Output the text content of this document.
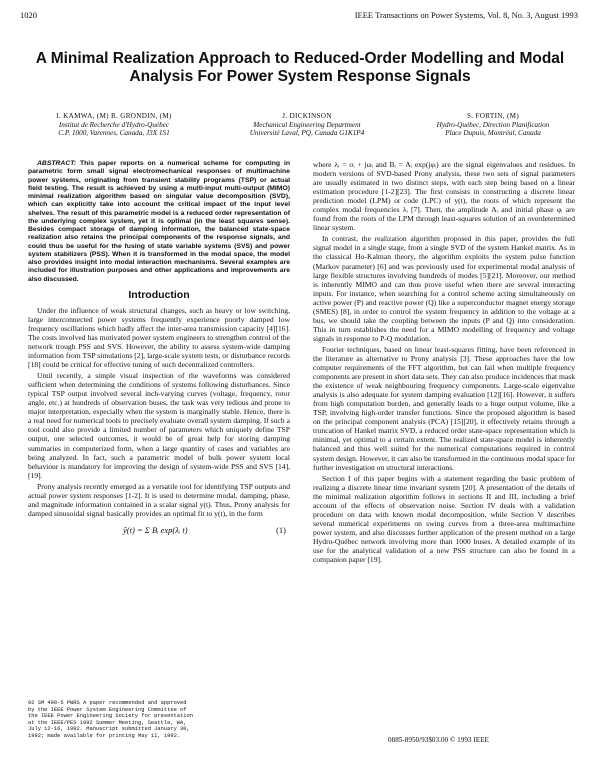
1020	IEEE Transactions on Power Systems, Vol. 8, No. 3, August 1993
A Minimal Realization Approach to Reduced-Order Modelling and Modal Analysis For Power System Response Signals
I. KAMWA, (M) R. GRONDIN, (M)
Institut de Recherche d'Hydro-Québec
C.P. 1000, Varennes, Canada, J3X 1S1
J. DICKINSON
Mechanical Engineering Department
Université Laval, PQ, Canada G1K1P4
S. FORTIN, (M)
Hydro-Québec, Direction Planification
Place Dupuis, Montréal, Canada

ABSTRACT: This paper reports on a numerical scheme for computing in parametric form small signal electromechanical responses of multimachine power systems, originating from transient stability programs (TSP) or actual field testing. The result is achieved by using a multi-input multi-output (MIMO) minimal realization algorithm based on singular value decomposition (SVD), which can explicitly take into account the critical impact of the input level shelves. The result of this parametric model is a reduced order representation of the underlying complex system, yet it is optimal (in the least squares sense). Besides compact storage of damping information, the balanced state-space realization also retains the principal components of the response signals, and could thus be useful for the fusing of state variable systems (SVS) and power system stabilizers (PSS). When it is transformed in the modal space, the model also provides insight into modal interaction mechanisms. Several examples are included for illustration purposes and other applications and improvements are also discussed.

Introduction

Under the influence of weak structural changes, such as heavy or low switching, large interconnected power systems frequently experience poorly damped low frequency oscillations which badly affect the inter-area transmission capacity [4][16]. The costs involved has motivated power system engineers to strengthen control of the network trough PSS and SVS. However, the ability to assess system-wide damping information from TSP simulations [2], large-scale system tests, or disturbance records [18] could be critical for effective tuning of such decentralized controllers.

Until recently, a simple visual inspection of the waveforms was considered sufficient when determining the conditions of systems following disturbances. Since typical TSP output involved several inch-varying curves (voltage, frequency, rotor angle, etc.) at hundreds of observation buses, the task was very tedious and prone to major interpretation, especially when the system is marginally stable. Hence, there is a real need for numerical tools to precisely evaluate overall system damping. If such a tool could also provide a limited number of parameters which uniquely define TSP output, one selected outcomes, it would be of great help for storing damping summaries in computerized form, when a large quantity of cases and variables are being analyzed. In fact, such a parametric model of bulk power system local behaviour is mandatory for improving the design of system-wide PSS and SVS [14],[19].

Prony analysis recently emerged as a versatile tool for identifying TSP outputs and actual power system responses [1-2]. It is used to determine modal, damping, phase, and magnitude information contained in a scalar signal y(t). Thus, Prony analysis for damped sinusoidal signal basically provides an optimal fit to y(t), in the form

ŷ(t) = Σ Bᵢ exp(λᵢ t)	(1)

where λᵢ = σᵢ + jωᵢ and Bᵢ = Aᵢ exp(jφᵢ) are the signal eigenvalues and residues. In modern versions of SVD-based Prony analysis, these two sets of signal parameters are usually estimated in two distinct steps, with each step being based on a linear estimation procedure [1-2][23]. The first consists in constructing a discrete linear prediction model (LPM) or code (LPC) of y(t), the roots of which represent the complex modal frequencies λᵢ [7]. Then, the amplitude Aᵢ and initial phase φᵢ are found from the roots of the LPM through least-squares solution of an overdetermined linear system.

In contrast, the realization algorithm proposed in this paper, provides the full signal model in a single stage, from a single SVD of the system Hankel matrix. As in the classical Ho-Kalman theory, the algorithm exploits the system pulse function (Markov parameter) [6] and was previously used for experimental modal analysis of large flexible structures involving hundreds of modes [5][21]. Moreover, our method is inherently MIMO and can thus prove useful when there are several interacting inputs. For instance, when searching for a control scheme acting simultaneously on active power (P) and reactive power (Q) like a superconductor magnet energy storage (SMES) [8], in order to control the system frequency in addition to the voltage at a bus, we should take the coupling between the inputs (P and Q) into consideration. This in turn establishes the need for a MIMO modelling of frequency and voltage signals in response to P-Q modulation.

Fourier techniques, based on linear least-squares fitting, have been referenced in the literature as alternative to Prony analysis [3]. These approaches have the low computer requirements of the FFT algorithm, but can fail when multiple frequency components are present in short data sets. They can also produce incidences that mask the existence of weak neighbouring frequency components. Large-scale eigenvalue analysis is also adequate for system damping evaluation [12][16]. However, it suffers from high computation burden, and generally leads to a huge output volume, like a TSP, involving high-order transfer functions. Since the proposed algorithm is based on the principal component analysis (PCA) [15][20], it effectively retains through a truncation of Hankel matrix SVD, a reduced order state-space representation which is minimal, yet optimal to a certain extent. The realized state-space model is inherently balanced and thus well suited for the numerical computations required in control system design. However, it can also be transformed in the continuous modal space for further investigation on structural interactions.

Section I of this paper begins with a statement regarding the basic problem of realizing a discrete linear time invariant system [20]. A presentation of the details of the minimal realization algorithm follows in sections II and III, including a brief account of the effects of observation noise. Section IV deals with a validation procedure on data with known modal decomposition, while Section V describes several numerical experiments on swing curves from a three-area multimachine power system, and also discusses further application of the present method on a large Hydro-Québec network involving more than 1000 buses. A detailed example of its use for the analytical validation of a new PSS structure can also be found in a companion paper [19].

92 SM 490-5 PWRS A paper recommended and approved

by the IEEE Power System Engineering Committee of

the IEEE Power Engineering Society for presentation

at the IEEE/PES 1992 Summer Meeting, Seattle, WA,

July 12-16, 1992. Manuscript submitted January 30,

1992; made available for printing May 11, 1992.

0885-8950/93$03.00 © 1993 IEEE
